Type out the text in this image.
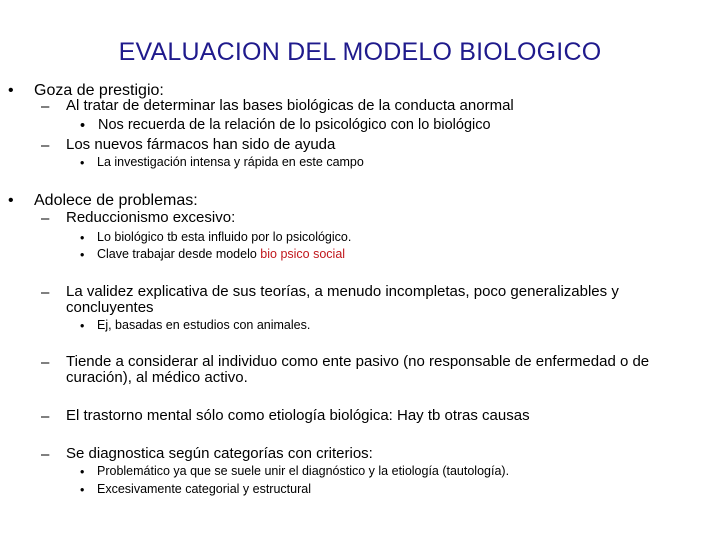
EVALUACION DEL MODELO BIOLOGICO
• Goza de prestigio:
– Al tratar de determinar las bases biológicas de la conducta anormal
• Nos recuerda de la relación de lo psicológico con lo biológico
– Los nuevos fármacos han sido de ayuda
• La investigación intensa y rápida en este campo
• Adolece de problemas:
– Reduccionismo excesivo:
• Lo biológico tb esta influido por lo psicológico.
• Clave trabajar desde modelo bio psico social
– La validez explicativa de sus teorías, a menudo incompletas, poco generalizables y
concluyentes
• Ej, basadas en estudios con animales.
– Tiende a considerar al individuo como ente pasivo (no responsable de enfermedad o de
curación), al médico activo.
– El trastorno mental sólo como etiología biológica: Hay tb otras causas
– Se diagnostica según categorías con criterios:
• Problemático ya que se suele unir el diagnóstico y la etiología (tautología).
• Excesivamente categorial y estructural
